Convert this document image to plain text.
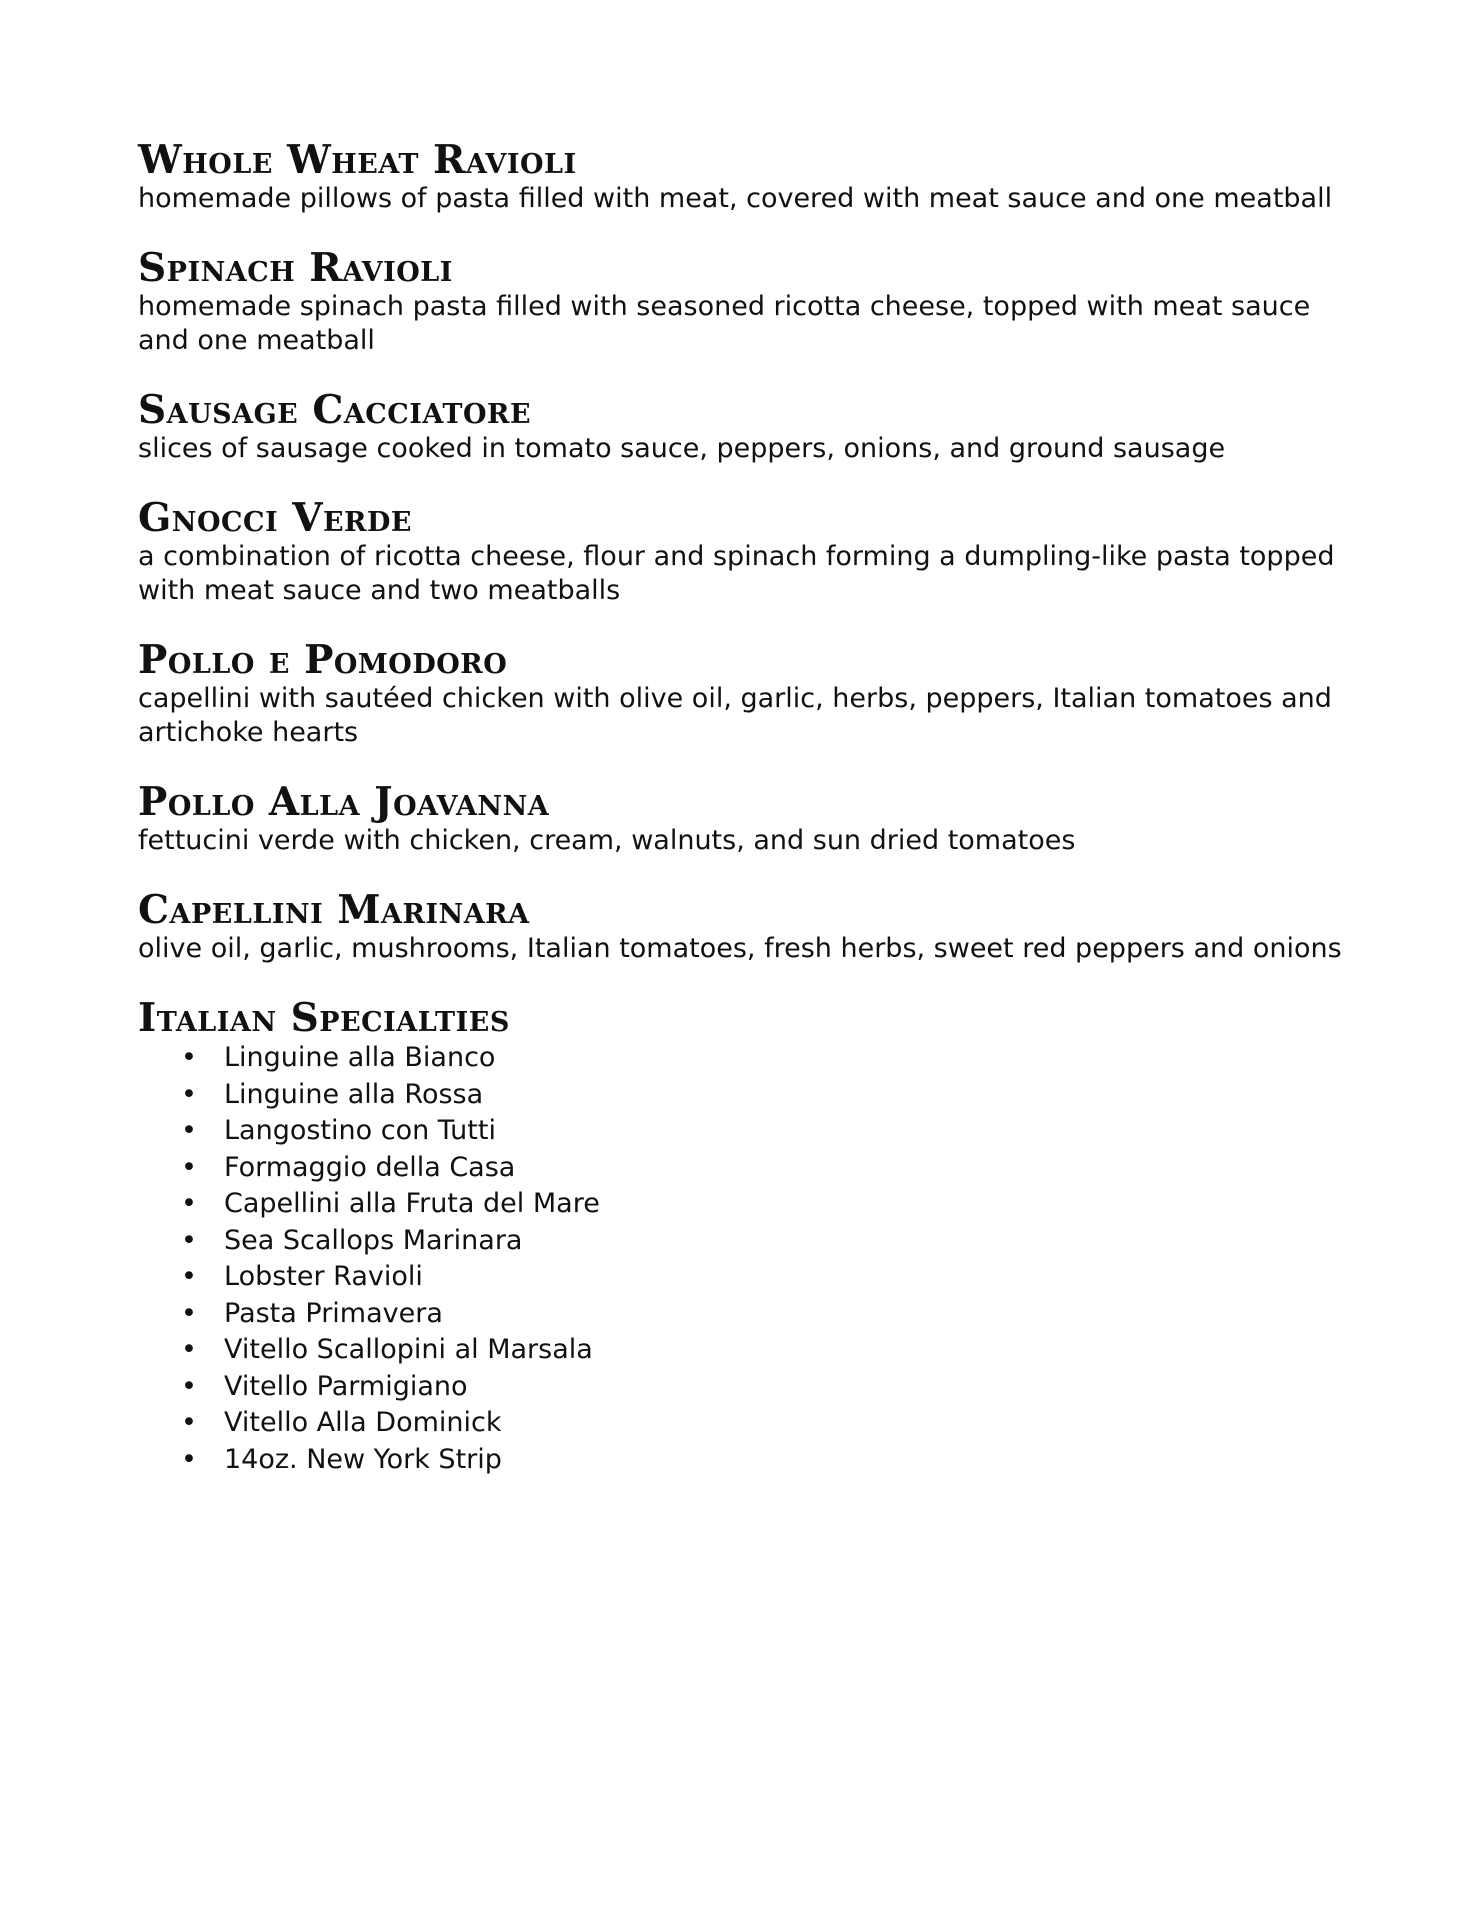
Whole Wheat Ravioli

homemade pillows of pasta filled with meat, covered with meat sauce and one meatball

Spinach Ravioli

homemade spinach pasta filled with seasoned ricotta cheese, topped with meat sauce and one meatball

Sausage Cacciatore

slices of sausage cooked in tomato sauce, peppers, onions, and ground sausage

Gnocci Verde

a combination of ricotta cheese, flour and spinach forming a dumpling-like pasta topped with meat sauce and two meatballs

Pollo e Pomodoro

capellini with sautéed chicken with olive oil, garlic, herbs, peppers, Italian tomatoes and artichoke hearts

Pollo Alla Joavanna

fettucini verde with chicken, cream, walnuts, and sun dried tomatoes

Capellini Marinara

olive oil, garlic, mushrooms, Italian tomatoes, fresh herbs, sweet red peppers and onions

Italian Specialties
• Linguine alla Bianco
• Linguine alla Rossa
• Langostino con Tutti
• Formaggio della Casa
• Capellini alla Fruta del Mare
• Sea Scallops Marinara
• Lobster Ravioli
• Pasta Primavera
• Vitello Scallopini al Marsala
• Vitello Parmigiano
• Vitello Alla Dominick
• 14oz. New York Strip
